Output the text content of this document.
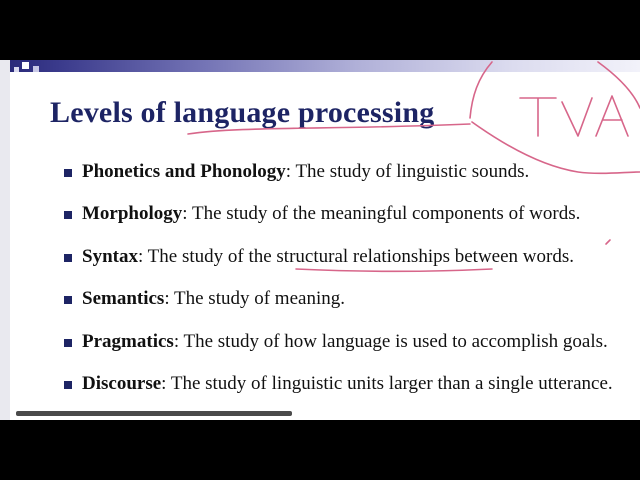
Levels of language processing
Phonetics and Phonology: The study of linguistic sounds.
Morphology: The study of the meaningful components of words.
Syntax: The study of the structural relationships between words.
Semantics: The study of meaning.
Pragmatics: The study of how language is used to accomplish goals.
Discourse: The study of linguistic units larger than a single utterance.
